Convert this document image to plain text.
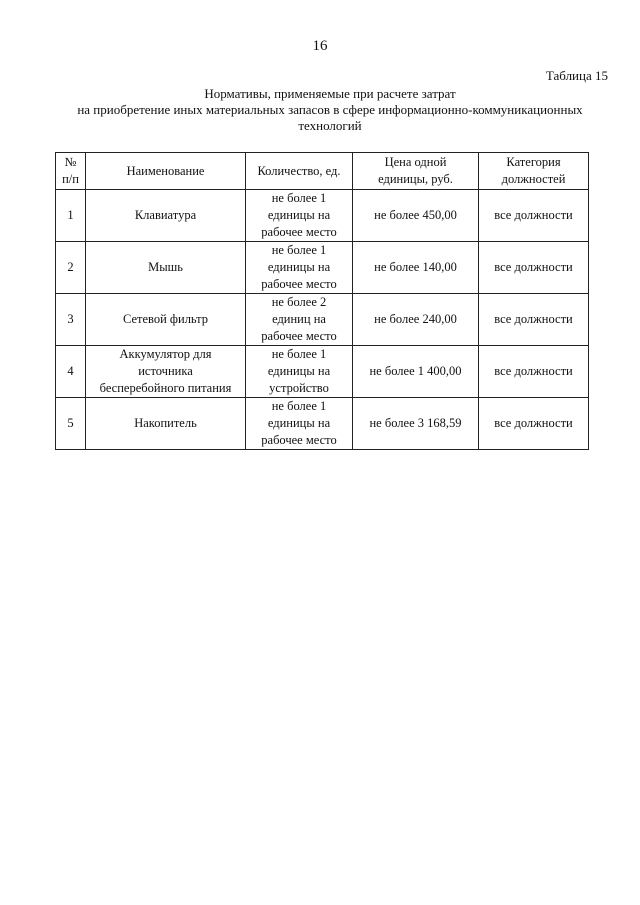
16
Таблица 15
Нормативы, применяемые при расчете затрат
на приобретение иных материальных запасов в сфере информационно-коммуникационных
технологий
№
п/п	Наименование	Количество, ед.	Цена одной
единицы, руб.	Категория
должностей

1	Клавиатура	не более 1
единицы на
рабочее место	не более 450,00	все должности
2	Мышь	не более 1
единицы на
рабочее место	не более 140,00	все должности
3	Сетевой фильтр	не более 2
единиц на
рабочее место	не более 240,00	все должности
4	Аккумулятор для
источника
бесперебойного питания	не более 1
единицы на
устройство	не более 1 400,00	все должности
5	Накопитель	не более 1
единицы на
рабочее место	не более 3 168,59	все должности
